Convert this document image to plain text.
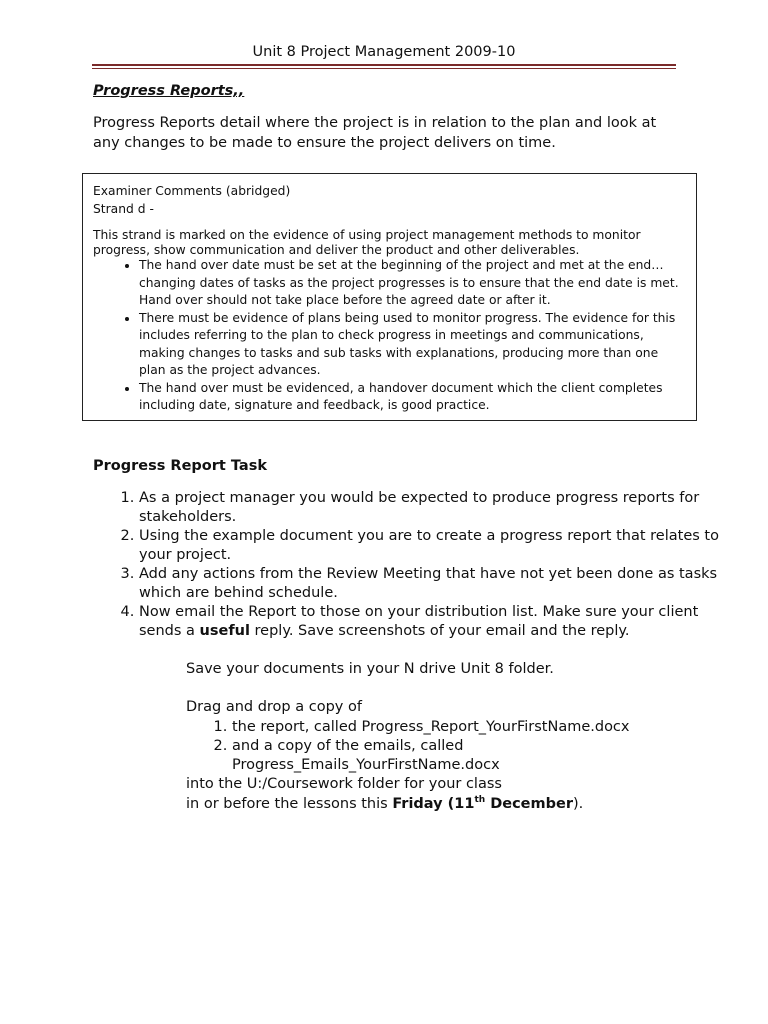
Unit 8 Project Management 2009-10
Progress Reports,,
Progress Reports detail where the project is in relation to the plan and look at any changes to be made to ensure the project delivers on time.

Examiner Comments (abridged)

Strand d -

This strand is marked on the evidence of using project management methods to monitor progress, show communication and deliver the product and other deliverables.

• The hand over date must be set at the beginning of the project and met at the end…changing dates of tasks as the project progresses is to ensure that the end date is met. Hand over should not take place before the agreed date or after it.
• There must be evidence of plans being used to monitor progress. The evidence for this includes referring to the plan to check progress in meetings and communications, making changes to tasks and sub tasks with explanations, producing more than one plan as the project advances.
• The hand over must be evidenced, a handover document which the client completes including date, signature and feedback, is good practice.
Progress Report Task
1. As a project manager you would be expected to produce progress reports for stakeholders.
2. Using the example document you are to create a progress report that relates to your project.
3. Add any actions from the Review Meeting that have not yet been done as tasks which are behind schedule.
4. Now email the Report to those on your distribution list. Make sure your client sends a useful reply. Save screenshots of your email and the reply.

Save your documents in your N drive Unit 8 folder.

Drag and drop a copy of

1. the report, called Progress_Report_YourFirstName.docx
2. and a copy of the emails, called Progress_Emails_YourFirstName.docx

into the U:/Coursework folder for your class

in or before the lessons this Friday (11th December).
